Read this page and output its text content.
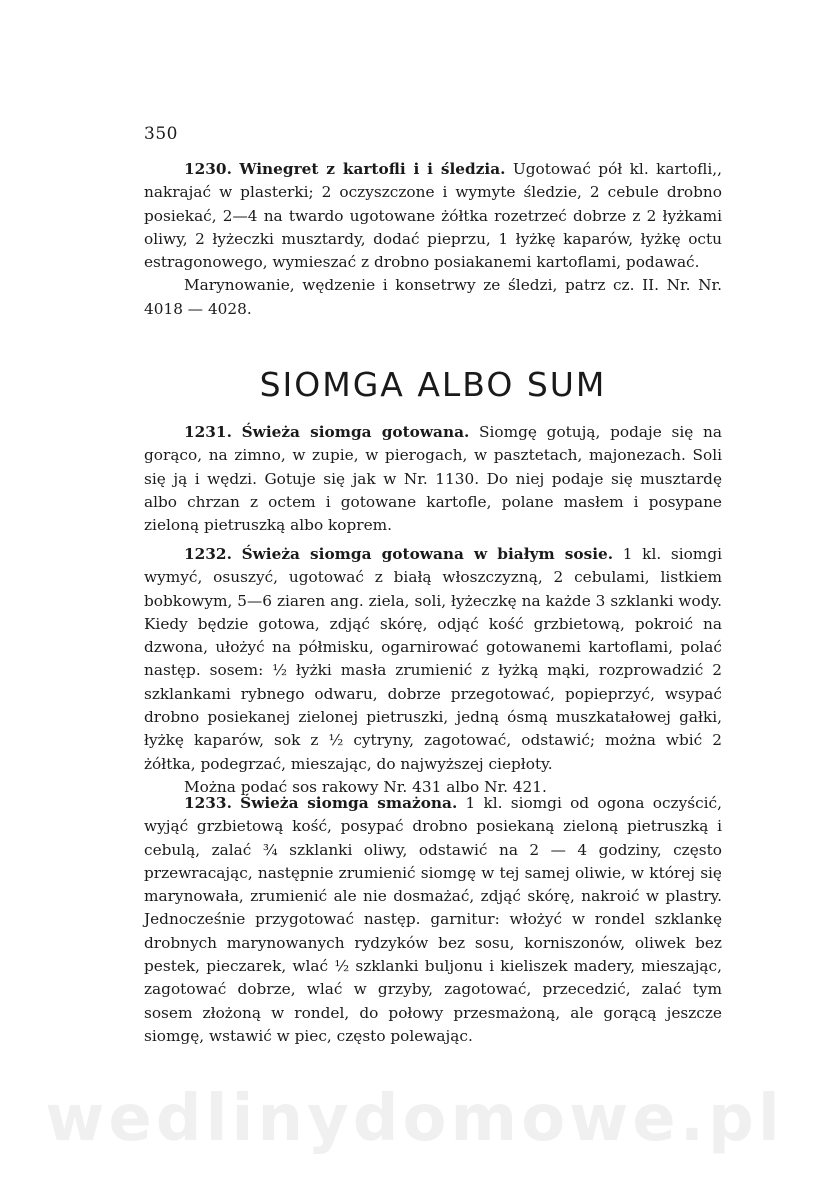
350

1230. Winegret z kartofli i i śledzia. Ugotować pół kl. kartofli,, nakrajać w plasterki; 2 oczyszczone i wymyte śledzie, 2 cebule drobno posiekać, 2—4 na twardo ugotowane żółtka rozetrzeć dobrze z 2 łyżkami oliwy, 2 łyżeczki musztardy, dodać pieprzu, 1 łyżkę kaparów, łyżkę octu estragonowego, wymieszać z drobno posiakanemi kartoflami, podawać.

Marynowanie, wędzenie i konsetrwy ze śledzi, patrz cz. II. Nr. Nr. 4018 — 4028.

SIOMGA ALBO SUM

1231. Świeża siomga gotowana. Siomgę gotują, podaje się na gorąco, na zimno, w zupie, w pierogach, w pasztetach, majonezach. Soli się ją i wędzi. Gotuje się jak w Nr. 1130. Do niej podaje się musztardę albo chrzan z octem i gotowane kartofle, polane masłem i posypane zieloną pietruszką albo koprem.

1232. Świeża siomga gotowana w białym sosie. 1 kl. siomgi wymyć, osuszyć, ugotować z białą włoszczyzną, 2 cebulami, listkiem bobkowym, 5—6 ziaren ang. ziela, soli, łyżeczkę na każde 3 szklanki wody. Kiedy będzie gotowa, zdjąć skórę, odjąć kość grzbietową, pokroić na dzwona, ułożyć na półmisku, ogarnirować gotowanemi kartoflami, polać następ. sosem: ½ łyżki masła zrumienić z łyżką mąki, rozprowadzić 2 szklankami rybnego odwaru, dobrze przegotować, popieprzyć, wsypać drobno posiekanej zielonej pietruszki, jedną ósmą muszkatałowej gałki, łyżkę kaparów, sok z ½ cytryny, zagotować, odstawić; można wbić 2 żółtka, podegrzać, mieszając, do najwyższej ciepłoty.

Można podać sos rakowy Nr. 431 albo Nr. 421.

1233. Świeża siomga smażona. 1 kl. siomgi od ogona oczyścić, wyjąć grzbietową kość, posypać drobno posiekaną zieloną pietruszką i cebulą, zalać ¾ szklanki oliwy, odstawić na 2 — 4 godziny, często przewracając, następnie zrumienić siomgę w tej samej oliwie, w której się marynowała, zrumienić ale nie dosmażać, zdjąć skórę, nakroić w plastry. Jednocześnie przygotować następ. garnitur: włożyć w rondel szklankę drobnych marynowanych rydzyków bez sosu, korniszonów, oliwek bez pestek, pieczarek, wlać ½ szklanki buljonu i kieliszek madery, mieszając, zagotować dobrze, wlać w grzyby, zagotować, przecedzić, zalać tym sosem złożoną w rondel, do połowy przesmażoną, ale gorącą jeszcze siomgę, wstawić w piec, często polewając.

wedlinydomowe.pl
